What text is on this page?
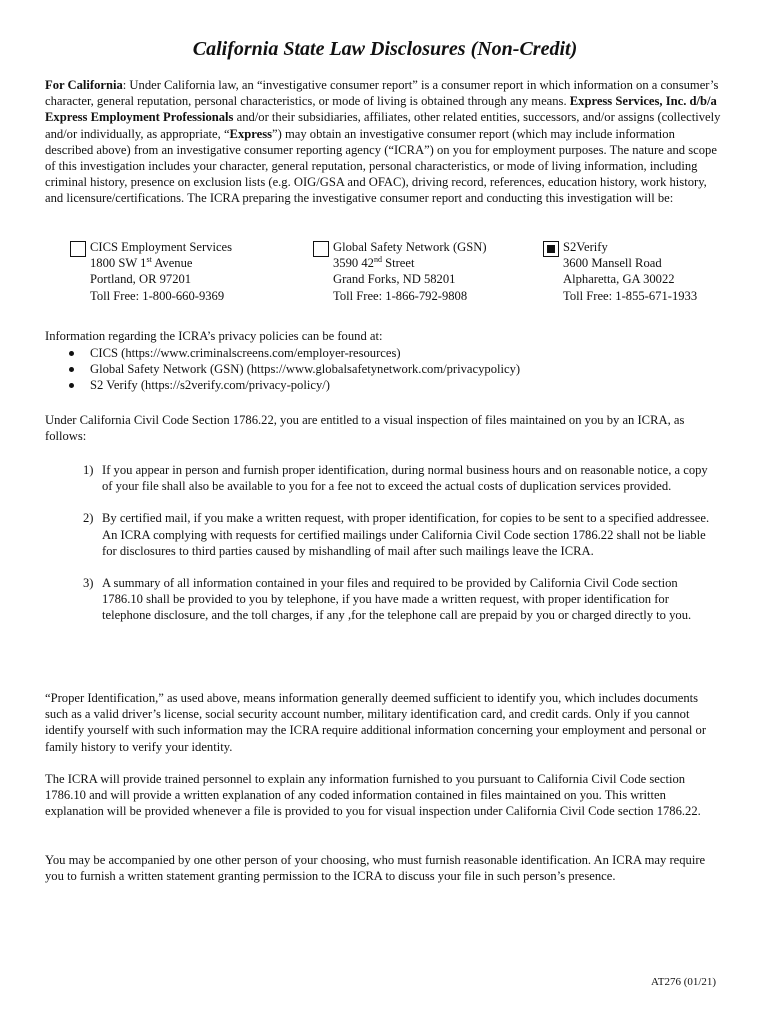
California State Law Disclosures (Non-Credit)

For California: Under California law, an “investigative consumer report” is a consumer report in which information on a consumer’s character, general reputation, personal characteristics, or mode of living is obtained through any means. Express Services, Inc. d/b/a Express Employment Professionals and/or their subsidiaries, affiliates, other related entities, successors, and/or assigns (collectively and/or individually, as appropriate, “Express”) may obtain an investigative consumer report (which may include information described above) from an investigative consumer reporting agency (“ICRA”) on you for employment purposes. The nature and scope of this investigation includes your character, general reputation, personal characteristics, or mode of living information, including criminal history, presence on exclusion lists (e.g. OIG/GSA and OFAC), driving record, references, education history, work history, and licensure/certifications. The ICRA preparing the investigative consumer report and conducting this investigation will be:

CICS Employment Services
1800 SW 1st Avenue
Portland, OR 97201
Toll Free: 1-800-660-9369
Global Safety Network (GSN)
3590 42nd Street
Grand Forks, ND 58201
Toll Free: 1-866-792-9808
S2Verify
3600 Mansell Road
Alpharetta, GA 30022
Toll Free: 1-855-671-1933

Information regarding the ICRA’s privacy policies can be found at:

CICS (https://www.criminalscreens.com/employer-resources)
Global Safety Network (GSN) (https://www.globalsafetynetwork.com/privacypolicy)
S2 Verify (https://s2verify.com/privacy-policy/)

Under California Civil Code Section 1786.22, you are entitled to a visual inspection of files maintained on you by an ICRA, as follows:

1) If you appear in person and furnish proper identification, during normal business hours and on reasonable notice, a copy of your file shall also be available to you for a fee not to exceed the actual costs of duplication services provided.
2) By certified mail, if you make a written request, with proper identification, for copies to be sent to a specified addressee. An ICRA complying with requests for certified mailings under California Civil Code section 1786.22 shall not be liable for disclosures to third parties caused by mishandling of mail after such mailings leave the ICRA.
3) A summary of all information contained in your files and required to be provided by California Civil Code section 1786.10 shall be provided to you by telephone, if you have made a written request, with proper identification for telephone disclosure, and the toll charges, if any ,for the telephone call are prepaid by you or charged directly to you.

“Proper Identification,” as used above, means information generally deemed sufficient to identify you, which includes documents such as a valid driver’s license, social security account number, military identification card, and credit cards. Only if you cannot identify yourself with such information may the ICRA require additional information concerning your employment and personal or family history to verify your identity.

The ICRA will provide trained personnel to explain any information furnished to you pursuant to California Civil Code section 1786.10 and will provide a written explanation of any coded information contained in files maintained on you. This written explanation will be provided whenever a file is provided to you for visual inspection under California Civil Code section 1786.22.

You may be accompanied by one other person of your choosing, who must furnish reasonable identification. An ICRA may require you to furnish a written statement granting permission to the ICRA to discuss your file in such person’s presence.

AT276 (01/21)
